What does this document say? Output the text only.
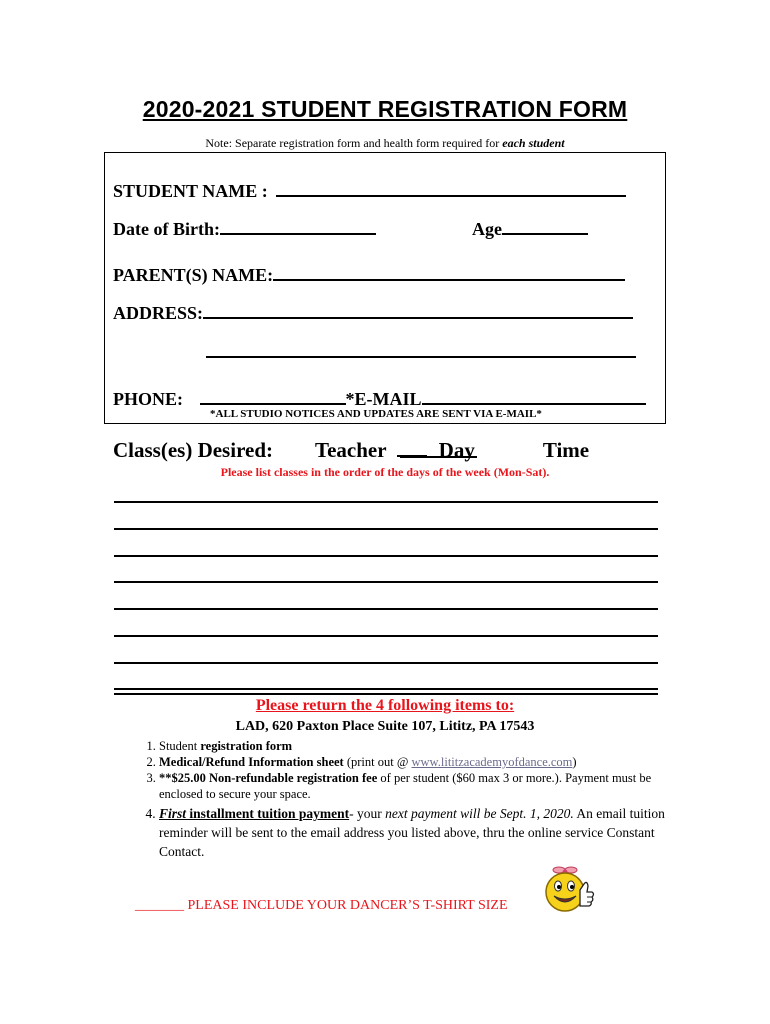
2020-2021 STUDENT REGISTRATION FORM
Note: Separate registration form and health form required for each student
STUDENT NAME :
Date of Birth:	Age
PARENT(S) NAME:
ADDRESS:
PHONE:	*E-MAIL
*ALL STUDIO NOTICES AND UPDATES ARE SENT VIA E-MAIL*
Class(es) Desired: Teacher	Day	Time
Please list classes in the order of the days of the week (Mon-Sat).
Please return the 4 following items to:
LAD, 620 Paxton Place Suite 107, Lititz, PA 17543
1. Student registration form
2. Medical/Refund Information sheet (print out @ www.lititzacademyofdance.com)
3. **$25.00 Non-refundable registration fee of per student ($60 max 3 or more.). Payment must be enclosed to secure your space.
4. First installment tuition payment- your next payment will be Sept. 1, 2020. An email tuition reminder will be sent to the email address you listed above, thru the online service Constant Contact.
_______ PLEASE INCLUDE YOUR DANCER’S T-SHIRT SIZE
